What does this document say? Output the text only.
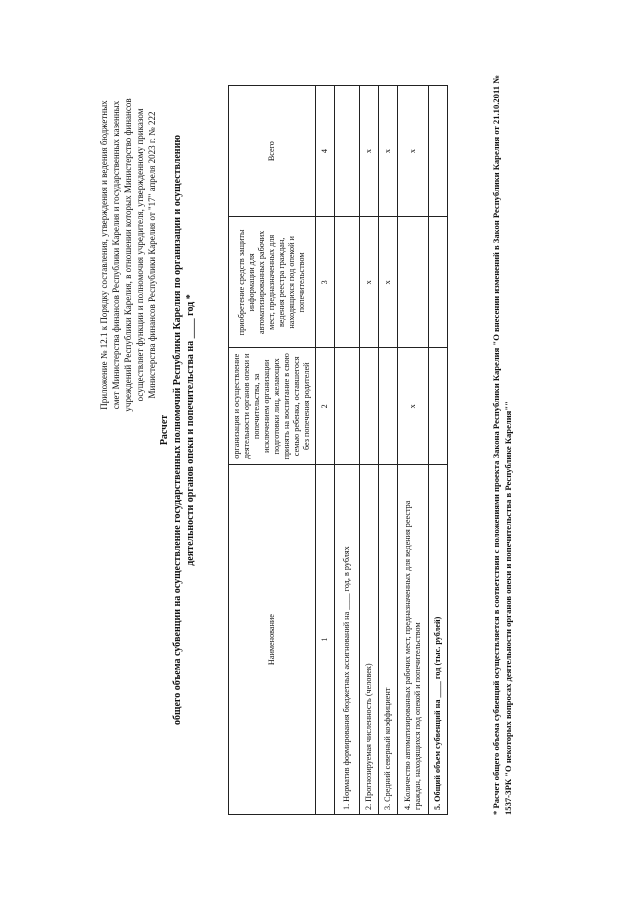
Приложение № 12.1 к Порядку составления, утверждения и ведения бюджетных смет Министерства финансов Республики Карелия и государственных казенных учреждений Республики Карелия, в отношении которых Министерство финансов осуществляет функции и полномочия учредителя, утвержденному приказом Министерства финансов Республики Карелия от "17" апреля 2023 г. № 222
Расчет общего объема субвенции на осуществление государственных полномочий Республики Карелия по организации и осуществлению деятельности органов опеки и попечительства на ____ год *
Наименование	организация и осуществление деятельности органов опеки и попечительства, за исключением организации подготовки лиц, желающих принять на воспитание в свою семью ребенка, оставшегося без попечения родителей	приобретение средств защиты информации для автоматизированных рабочих мест, предназначенных для ведения реестра граждан, находящихся под опекой и попечительством	Всего
1	2	3	4
1. Норматив формирования бюджетных ассигнований на ____ год, в рублях			
2. Прогнозируемая численность (человек)		х	х
3. Средний северный коэффициент		х	х
4. Количество автоматизированных рабочих мест, предназначенных для ведения реестра граждан, находящихся под опекой и попечительством	х		х
5. Общий объем субвенций на ____ год (тыс. рублей)				* Расчет общего объема субвенций осуществляется в соответствии с положениями проекта Закона Республики Карелия "О внесении изменений в Закон Республики Карелия от 21.10.2011 № 1537-ЗРК "О некоторых вопросах деятельности органов опеки и попечительства в Республике Карелия""
